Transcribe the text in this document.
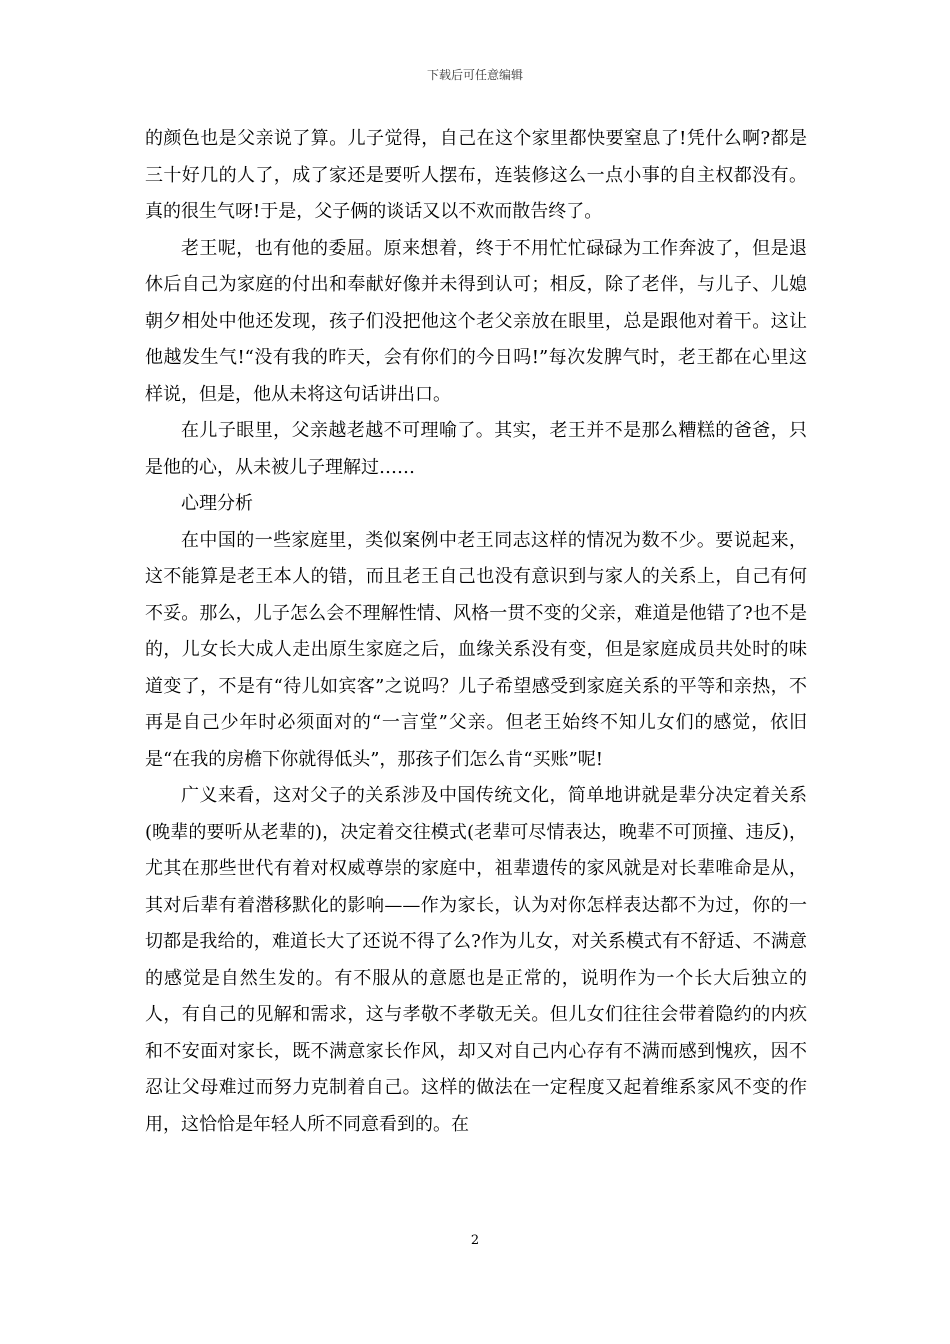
下载后可任意编辑

的颜色也是父亲说了算。儿子觉得，自己在这个家里都快要窒息了!凭什么啊?都是三十好几的人了，成了家还是要听人摆布，连装修这么一点小事的自主权都没有。真的很生气呀!于是，父子俩的谈话又以不欢而散告终了。

老王呢，也有他的委屈。原来想着，终于不用忙忙碌碌为工作奔波了，但是退休后自己为家庭的付出和奉献好像并未得到认可；相反，除了老伴，与儿子、儿媳朝夕相处中他还发现，孩子们没把他这个老父亲放在眼里，总是跟他对着干。这让他越发生气!“没有我的昨天，会有你们的今日吗!”每次发脾气时，老王都在心里这样说，但是，他从未将这句话讲出口。

在儿子眼里，父亲越老越不可理喻了。其实，老王并不是那么糟糕的爸爸，只是他的心，从未被儿子理解过……

心理分析

在中国的一些家庭里，类似案例中老王同志这样的情况为数不少。要说起来，这不能算是老王本人的错，而且老王自己也没有意识到与家人的关系上，自己有何不妥。那么，儿子怎么会不理解性情、风格一贯不变的父亲，难道是他错了?也不是的，儿女长大成人走出原生家庭之后，血缘关系没有变，但是家庭成员共处时的味道变了，不是有“待儿如宾客”之说吗？儿子希望感受到家庭关系的平等和亲热，不再是自己少年时必须面对的“一言堂”父亲。但老王始终不知儿女们的感觉，依旧是“在我的房檐下你就得低头”，那孩子们怎么肯“买账”呢!

广义来看，这对父子的关系涉及中国传统文化，简单地讲就是辈分决定着关系(晚辈的要听从老辈的)，决定着交往模式(老辈可尽情表达，晚辈不可顶撞、违反)，尤其在那些世代有着对权威尊崇的家庭中，祖辈遗传的家风就是对长辈唯命是从，其对后辈有着潜移默化的影响——作为家长，认为对你怎样表达都不为过，你的一切都是我给的，难道长大了还说不得了么?作为儿女，对关系模式有不舒适、不满意的感觉是自然生发的。有不服从的意愿也是正常的，说明作为一个长大后独立的人，有自己的见解和需求，这与孝敬不孝敬无关。但儿女们往往会带着隐约的内疚和不安面对家长，既不满意家长作风，却又对自己内心存有不满而感到愧疚，因不忍让父母难过而努力克制着自己。这样的做法在一定程度又起着维系家风不变的作用，这恰恰是年轻人所不同意看到的。在

2
